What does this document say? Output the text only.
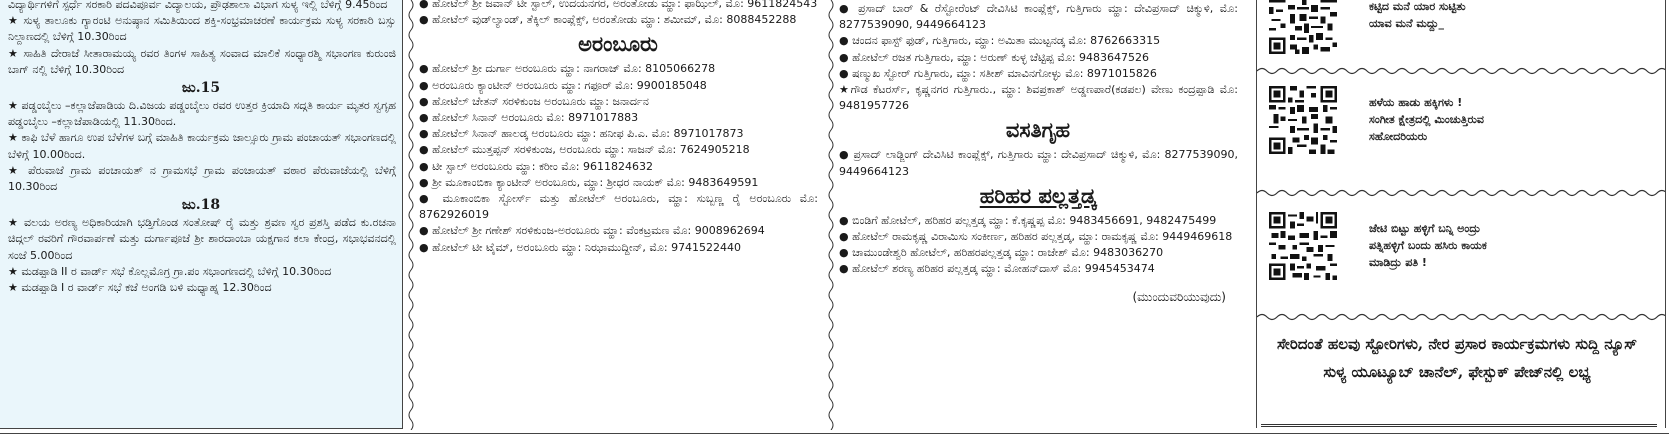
ವಿದ್ಯಾರ್ಥಿಗಳಿಗೆ ಸ್ಪರ್ಧೆ ಸರಕಾರಿ ಪದವಿಪೂರ್ವ ವಿದ್ಯಾಲಯ, ಪ್ರೌಢಶಾಲಾ ವಿಭಾಗ ಸುಳ್ಯ ಇಲ್ಲಿ ಬೆಳಿಗ್ಗೆ 9.45ರಿಂದ

★ ಸುಳ್ಯ ತಾಲೂಕು ಗ್ಯಾರಂಟಿ ಅನುಷ್ಠಾನ ಸಮಿತಿಯಿಂದ ಶಕ್ತಿ-ಸಂಭ್ರಮಾಚರಣೆ ಕಾರ್ಯಕ್ರಮ ಸುಳ್ಯ ಸರಕಾರಿ ಬಸ್ಸು ನಿಲ್ದಾಣದಲ್ಲಿ ಬೆಳಿಗ್ಗೆ 10.30ರಿಂದ

★ ಸಾಹಿತಿ ದೇರಾಜೆ ಸೀತಾರಾಮಯ್ಯ ರವರ ತಿಂಗಳ ಸಾಹಿತ್ಯ ಸಂವಾದ ಮಾಲಿಕೆ ಸಂಧ್ಯಾರಶ್ಮಿ ಸಭಾಂಗಣ ಕುರುಂಜಿ ಬಾಗ್ ನಲ್ಲಿ ಬೆಳಿಗ್ಗೆ 10.30ರಿಂದ

ಜು.15

★ ಪಡ್ಡಂಬೈಲು –ಕಲ್ಲಾಜೆಪಾಡಿಯ ದಿ.ವಿಜಯ ಪಡ್ಡಂಬೈಲು ರವರ ಉತ್ತರ ಕ್ರಿಯಾದಿ ಸದ್ಗತಿ ಕಾರ್ಯ ಮೃತರ ಸ್ವಗೃಹ ಪಡ್ಡಂಬೈಲು –ಕಲ್ಲಾಜೆಪಾಡಿಯಲ್ಲಿ 11.30ರಿಂದ.

★ ಕಾಫಿ ಬೆಳೆ ಹಾಗೂ ಉಪ ಬೆಳೆಗಳ ಬಗ್ಗೆ ಮಾಹಿತಿ ಕಾರ್ಯಕ್ರಮ ಜಾಲ್ಸೂರು ಗ್ರಾಮ ಪಂಚಾಯತ್ ಸಭಾಂಗಣದಲ್ಲಿ ಬೆಳಿಗ್ಗೆ 10.00ರಿಂದ.

★ ಪೆರುವಾಜೆ ಗ್ರಾಮ ಪಂಚಾಯತ್ ನ ಗ್ರಾಮಸಭೆ ಗ್ರಾಮ ಪಂಚಾಯತ್ ವಠಾರ ಪೆರುವಾಜೆಯಲ್ಲಿ ಬೆಳಿಗ್ಗೆ 10.30ರಿಂದ

ಜು.18

★ ವಲಯ ಅರಣ್ಯ ಅಧಿಕಾರಿಯಾಗಿ ಭಡ್ತಿಗೊಂಡ ಸಂತೋಷ್ ರೈ ಮತ್ತು ಶ್ರವಣ ಸ್ವರ ಪ್ರಶಸ್ತಿ ಪಡೆದ ಕು.ರಚನಾ ಚಿದ್ಗಲ್ ರವರಿಗೆ ಗೌರವಾರ್ಪಣೆ ಮತ್ತು ದುರ್ಗಾಪೂಜೆ ಶ್ರೀ ಶಾರದಾಂಬಾ ಯಕ್ಷಗಾನ ಕಲಾ ಕೇಂದ್ರ, ಸಭಾಭವನದಲ್ಲಿ ಸಂಜೆ 5.00ರಿಂದ

★ ಮಡಪ್ಪಾಡಿ II ರ ವಾರ್ಡ್ ಸಭೆ ಕೊಲ್ಲಮೊಗ್ರ ಗ್ರಾ.ಪಂ ಸಭಾಂಗಣದಲ್ಲಿ ಬೆಳಿಗ್ಗೆ 10.30ರಿಂದ

★ ಮಡಪ್ಪಾಡಿ I ರ ವಾರ್ಡ್ ಸಭೆ ಕಜೆ ಅಂಗಡಿ ಬಳಿ ಮಧ್ಯಾಹ್ನ 12.30ರಿಂದ

● ಹೋಟೆಲ್ ಶ್ರೀ ಜವಾನ್ ಟೀ ಸ್ಟಾಲ್, ಉದಯನಗರ, ಅರಂತೋಡು ಮ್ಹಾ: ಫಾಝಿಲ್, ಮೊ: 9611824543

● ಹೋಟೆಲ್ ವುಡ್‌ಲ್ಯಾಂಡ್, ತೆಕ್ಕಿಲ್ ಕಾಂಪ್ಲೆಕ್ಸ್, ಅರಂತೋಡು ಮ್ಹಾ: ಶಮೀಮ್, ಮೊ: 8088452288

ಅರಂಬೂರು

● ಹೋಟೆಲ್ ಶ್ರೀ ದುರ್ಗಾ ಅರಂಬೂರು ಮ್ಹಾ: ನಾಗರಾಜ್ ಮೊ: 8105066278

● ಅರಂಬೂರು ಕ್ಯಾಂಟೀನ್ ಅರಂಬೂರು ಮ್ಹಾ: ಗಫೂರ್ ಮೊ: 9900185048

● ಹೋಟೆಲ್ ಚೇತನ್ ಸರಳಿಕುಂಜ ಅರಂಬೂರು ಮ್ಹಾ: ಜನಾರ್ದನ

● ಹೋಟೆಲ್ ಸಿನಾನ್ ಅರಂಬೂರು ಮೊ: 8971017883

● ಹೋಟೆಲ್ ಸಿನಾನ್ ಹಾಲಡ್ಕ ಅರಂಬೂರು ಮ್ಹಾ: ಹನೀಫ ಪಿ.ಎ. ಮೊ: 8971017873

● ಹೋಟೆಲ್ ಮುತ್ತಪ್ಪನ್ ಸರಳಿಕುಂಜ, ಅರಂಬೂರು ಮ್ಹಾ: ಸಾಜನ್ ಮೊ: 7624905218

● ಟೀ ಸ್ಟಾಲ್ ಅರಂಬೂರು ಮ್ಹಾ: ಕರೀಂ ಮೊ: 9611824632

● ಶ್ರೀ ಮೂಕಾಂಬಿಕಾ ಕ್ಯಾಂಟೀನ್ ಅರಂಬೂರು, ಮ್ಹಾ: ಶ್ರೀಧರ ನಾಯಕ್ ಮೊ: 9483649591

● ಮೂಕಾಂಬಿಕಾ ಸ್ಟೋರ್ಸ್ ಮತ್ತು ಹೋಟೆಲ್ ಅರಂಬೂರು, ಮ್ಹಾ: ಸುಬ್ಬಣ್ಣ ರೈ ಅರಂಬೂರು ಮೊ: 8762926019

● ಹೋಟೆಲ್ ಶ್ರೀ ಗಣೇಶ್ ಸರಳಿಕುಂಜ-ಅರಂಬೂರು ಮ್ಹಾ: ವೆಂಕಟ್ರಮಣ ಮೊ: 9008962694

● ಹೋಟೆಲ್ ಟೀ ಟೈಮ್, ಅರಂಬೂರು ಮ್ಹಾ: ನಿಝಾಮುದ್ದೀನ್, ಮೊ: 9741522440

● ಪ್ರಸಾದ್ ಬಾರ್ & ರೆಸ್ಟೋರೆಂಟ್ ದೇವಿಸಿಟಿ ಕಾಂಪ್ಲೆಕ್ಸ್, ಗುತ್ತಿಗಾರು ಮ್ಹಾ: ದೇವಿಪ್ರಸಾದ್ ಚಿಕ್ಮುಳಿ, ಮೊ: 8277539090, 9449664123

● ಚಂದನ ಫಾಸ್ಟ್ ಫುಡ್, ಗುತ್ತಿಗಾರು, ಮ್ಹಾ: ಅಮಿತಾ ಮುಟ್ಟನಡ್ಕ ಮೊ: 8762663315

● ಹೋಟೆಲ್ ರಜತ ಗುತ್ತಿಗಾರು, ಮ್ಹಾ: ಅರುಣ್ ಕುಳ್ಳ ಚೆಟ್ಟಿಪ್ಪ ಮೊ: 9483647526

● ಷಣ್ಮುಖ ಸ್ಟೋರ್ ಗುತ್ತಿಗಾರು, ಮ್ಹಾ: ಸತೀಶ್ ಮಾವಿನಗೋಳ್ಳು ಮೊ: 8971015826

★ಗೌಡ ಕೆಟರರ್ಸ್, ಕೃಷ್ಣನಗರ ಗುತ್ತಿಗಾರು., ಮ್ಹಾ: ಶಿವಪ್ರಕಾಶ್ ಅಡ್ಡಣಪಾರೆ(ಕಡಪಲ) ವೇಣು ಕಂದ್ರಪ್ಪಾಡಿ ಮೊ: 9481957726

ವಸತಿಗೃಹ

● ಪ್ರಸಾದ್ ಲಾಡ್ಜಿಂಗ್ ದೇವಿಸಿಟಿ ಕಾಂಪ್ಲೆಕ್ಸ್, ಗುತ್ತಿಗಾರು ಮ್ಹಾ: ದೇವಿಪ್ರಸಾದ್ ಚಿಕ್ಮುಳಿ, ಮೊ: 8277539090, 9449664123

ಹರಿಹರ ಪಲ್ಲತ್ತಡ್ಕ

● ಬಿಂಡಿಗೆ ಹೋಟೆಲ್, ಹರಿಹರ ಪಲ್ಲತ್ತಡ್ಕ ಮ್ಹಾ: ಕೆ.ಕೃಷ್ಣಪ್ಪ ಮೊ: 9483456691, 9482475499

● ಹೋಟೆಲ್ ರಾಮಕೃಷ್ಣ ವಿರಾಮಿಸು ಸಂಕೀರ್ಣ, ಹರಿಹರ ಪಲ್ಲತ್ತಡ್ಕ, ಮ್ಹಾ: ರಾಮಕೃಷ್ಣ ಮೊ: 9449469618

● ಚಾಮುಂಡೇಶ್ವರಿ ಹೋಟೆಲ್, ಹರಿಹರಪಲ್ಲತ್ತಡ್ಕ ಮ್ಹಾ: ರಾಜೇಶ್ ಮೊ: 9483036270

● ಹೋಟೆಲ್ ಶರಣ್ಯ ಹರಿಹರ ಪಲ್ಲತ್ತಡ್ಕ ಮ್ಹಾ: ಮೋಹನ್‌ದಾಸ್ ಮೊ: 9945453474

(ಮುಂದುವರಿಯುವುದು)
ಕಟ್ಟಿದ ಮನೆ ಯಾರ ಸುಟ್ಟಿತು
ಯಾವ ಮನೆ ಮದ್ದು_
ಹಳೆಯ ಹಾಡು ಹಕ್ಕಿಗಳು !
ಸಂಗೀತ ಕ್ಷೇತ್ರದಲ್ಲಿ ಮಿಂಚುತ್ತಿರುವ
ಸಹೋದರಿಯರು
ಜೇಟಿ ಬಿಟ್ಟು ಹಳ್ಳಿಗೆ ಬನ್ನಿ ಅಂದ್ರು
ಪತ್ನಿಹಳ್ಳಿಗೆ ಬಂದು ಹಸಿರು ಕಾಯಕ
ಮಾಡಿದ್ರು ಪತಿ !
ಸೇರಿದಂತೆ ಹಲವು ಸ್ಟೋರಿಗಳು, ನೇರ ಪ್ರಸಾರ ಕಾರ್ಯಕ್ರಮಗಳು ಸುದ್ದಿ ನ್ಯೂಸ್ ಸುಳ್ಯ ಯೂಟ್ಯೂಬ್ ಚಾನೆಲ್, ಫೇಸ್ಬುಕ್ ಪೇಜ್‌ನಲ್ಲಿ ಲಭ್ಯ
